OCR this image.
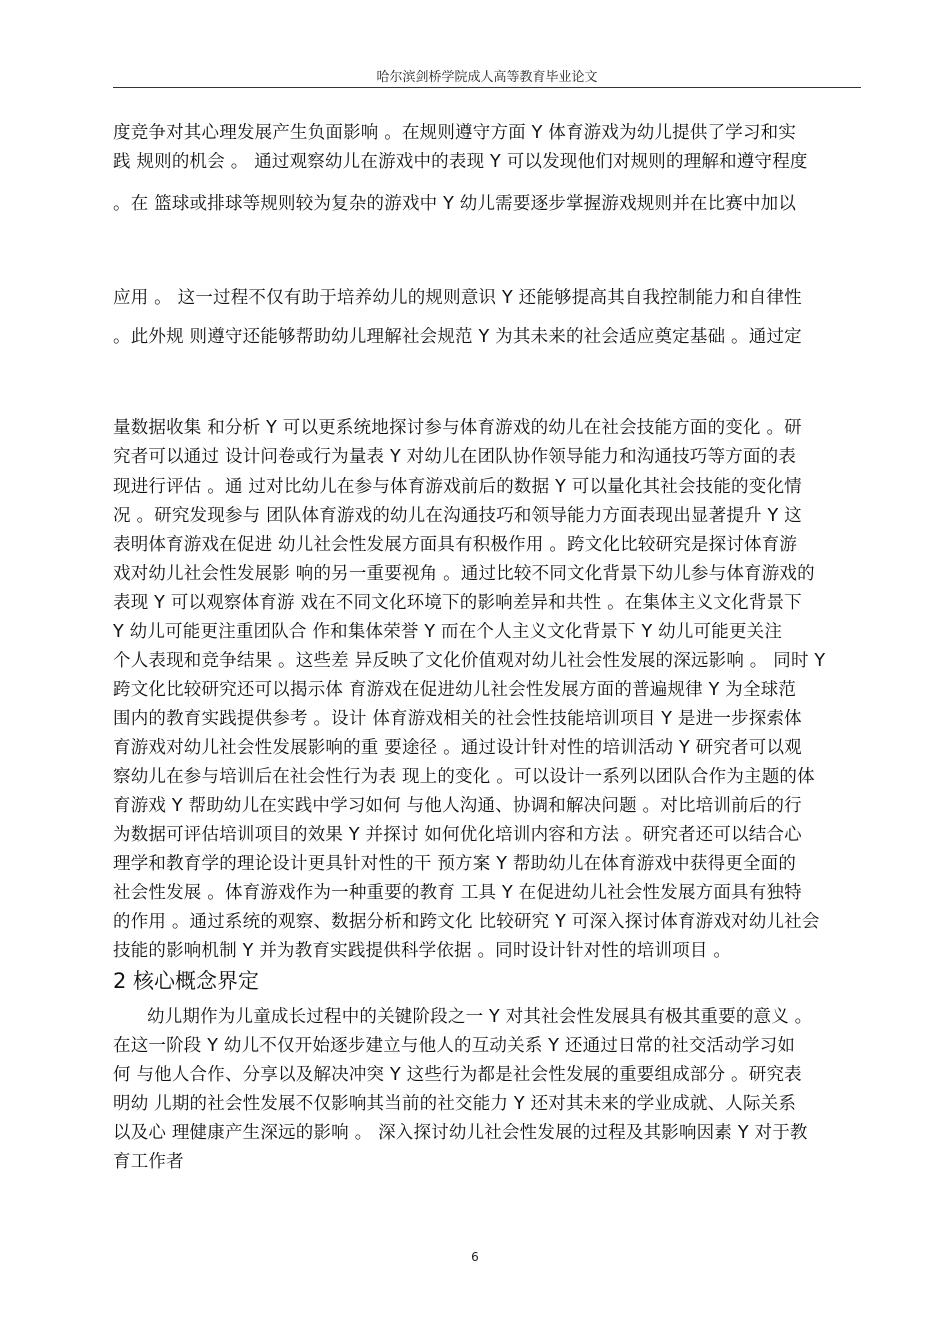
哈尔滨剑桥学院成人高等教育毕业论文
度竞争对其心理发展产生负面影响 。在规则遵守方面 Y 体育游戏为幼儿提供了学习和实
践 规则的机会 。 通过观察幼儿在游戏中的表现 Y 可以发现他们对规则的理解和遵守程度
。在 篮球或排球等规则较为复杂的游戏中 Y 幼儿需要逐步掌握游戏规则并在比赛中加以
应用 。 这一过程不仅有助于培养幼儿的规则意识 Y 还能够提高其自我控制能力和自律性
。此外规 则遵守还能够帮助幼儿理解社会规范 Y 为其未来的社会适应奠定基础 。通过定
量数据收集 和分析 Y 可以更系统地探讨参与体育游戏的幼儿在社会技能方面的变化 。研
究者可以通过 设计问卷或行为量表 Y 对幼儿在团队协作领导能力和沟通技巧等方面的表
现进行评估 。通 过对比幼儿在参与体育游戏前后的数据 Y 可以量化其社会技能的变化情
况 。研究发现参与 团队体育游戏的幼儿在沟通技巧和领导能力方面表现出显著提升 Y 这
表明体育游戏在促进 幼儿社会性发展方面具有积极作用 。跨文化比较研究是探讨体育游
戏对幼儿社会性发展影 响的另一重要视角 。通过比较不同文化背景下幼儿参与体育游戏的
表现 Y 可以观察体育游 戏在不同文化环境下的影响差异和共性 。在集体主义文化背景下
Y 幼儿可能更注重团队合 作和集体荣誉 Y 而在个人主义文化背景下 Y 幼儿可能更关注
个人表现和竞争结果 。这些差 异反映了文化价值观对幼儿社会性发展的深远影响 。 同时 Y
跨文化比较研究还可以揭示体 育游戏在促进幼儿社会性发展方面的普遍规律 Y 为全球范
围内的教育实践提供参考 。设计 体育游戏相关的社会性技能培训项目 Y 是进一步探索体
育游戏对幼儿社会性发展影响的重 要途径 。通过设计针对性的培训活动 Y 研究者可以观
察幼儿在参与培训后在社会性行为表 现上的变化 。可以设计一系列以团队合作为主题的体
育游戏 Y 帮助幼儿在实践中学习如何 与他人沟通、协调和解决问题 。对比培训前后的行
为数据可评估培训项目的效果 Y 并探讨 如何优化培训内容和方法 。研究者还可以结合心
理学和教育学的理论设计更具针对性的干 预方案 Y 帮助幼儿在体育游戏中获得更全面的
社会性发展 。体育游戏作为一种重要的教育 工具 Y 在促进幼儿社会性发展方面具有独特
的作用 。通过系统的观察、数据分析和跨文化 比较研究 Y 可深入探讨体育游戏对幼儿社会
技能的影响机制 Y 并为教育实践提供科学依据 。同时设计针对性的培训项目 。
2 核心概念界定
幼儿期作为儿童成长过程中的关键阶段之一 Y 对其社会性发展具有极其重要的意义 。
在这一阶段 Y 幼儿不仅开始逐步建立与他人的互动关系 Y 还通过日常的社交活动学习如
何 与他人合作、分享以及解决冲突 Y 这些行为都是社会性发展的重要组成部分 。研究表
明幼 儿期的社会性发展不仅影响其当前的社交能力 Y 还对其未来的学业成就、人际关系
以及心 理健康产生深远的影响 。 深入探讨幼儿社会性发展的过程及其影响因素 Y 对于教
育工作者
6
